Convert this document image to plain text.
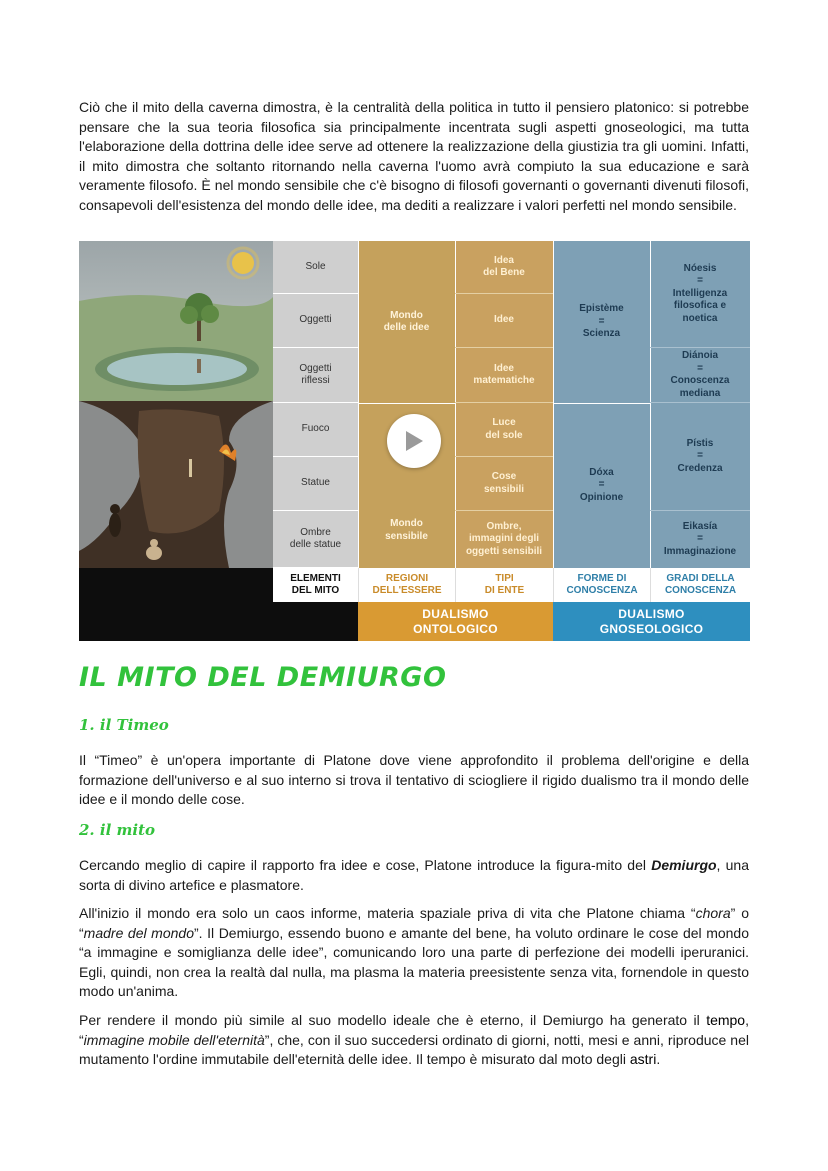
Ciò che il mito della caverna dimostra, è la centralità della politica in tutto il pensiero platonico: si potrebbe pensare che la sua teoria filosofica sia principalmente incentrata sugli aspetti gnoseologici, ma tutta l'elaborazione della dottrina delle idee serve ad ottenere la realizzazione della giustizia tra gli uomini. Infatti, il mito dimostra che soltanto ritornando nella caverna l'uomo avrà compiuto la sua educazione e sarà veramente filosofo. È nel mondo sensibile che c'è bisogno di filosofi governanti o governanti divenuti filosofi, consapevoli dell'esistenza del mondo delle idee, ma dediti a realizzare i valori perfetti nel mondo sensibile.

Sole
Oggetti
Oggetti
riflessi
Fuoco
Statue
Ombre
delle statue
Mondo
delle idee
Mondo
sensibile
Idea
del Bene
Idee
Idee
matematiche
Luce
del sole
Cose
sensibili
Ombre,
immagini degli
oggetti sensibili
Epistème
=
Scienza
Dóxa
=
Opinione
Nóesis
=
Intelligenza
filosofica e
noetica
Diánoia
=
Conoscenza
mediana
Pístis
=
Credenza
Eikasía
=
Immaginazione
ELEMENTI
DEL MITO
REGIONI
DELL'ESSERE
TIPI
DI ENTE
FORME DI
CONOSCENZA
GRADI DELLA
CONOSCENZA
DUALISMO
ONTOLOGICO
DUALISMO
GNOSEOLOGICO
IL MITO DEL DEMIURGO
1. il Timeo

Il “Timeo” è un'opera importante di Platone dove viene approfondito il problema dell'origine e della formazione dell'universo e al suo interno si trova il tentativo di sciogliere il rigido dualismo tra il mondo delle idee e il mondo delle cose.

2. il mito

Cercando meglio di capire il rapporto fra idee e cose, Platone introduce la figura-mito del Demiurgo, una sorta di divino artefice e plasmatore.

All'inizio il mondo era solo un caos informe, materia spaziale priva di vita che Platone chiama “chora” o “madre del mondo”. Il Demiurgo, essendo buono e amante del bene, ha voluto ordinare le cose del mondo “a immagine e somiglianza delle idee”, comunicando loro una parte di perfezione dei modelli iperuranici. Egli, quindi, non crea la realtà dal nulla, ma plasma la materia preesistente senza vita, fornendole in questo modo un'anima.

Per rendere il mondo più simile al suo modello ideale che è eterno, il Demiurgo ha generato il tempo, “immagine mobile dell'eternità”, che, con il suo succedersi ordinato di giorni, notti, mesi e anni, riproduce nel mutamento l'ordine immutabile dell'eternità delle idee. Il tempo è misurato dal moto degli astri.
